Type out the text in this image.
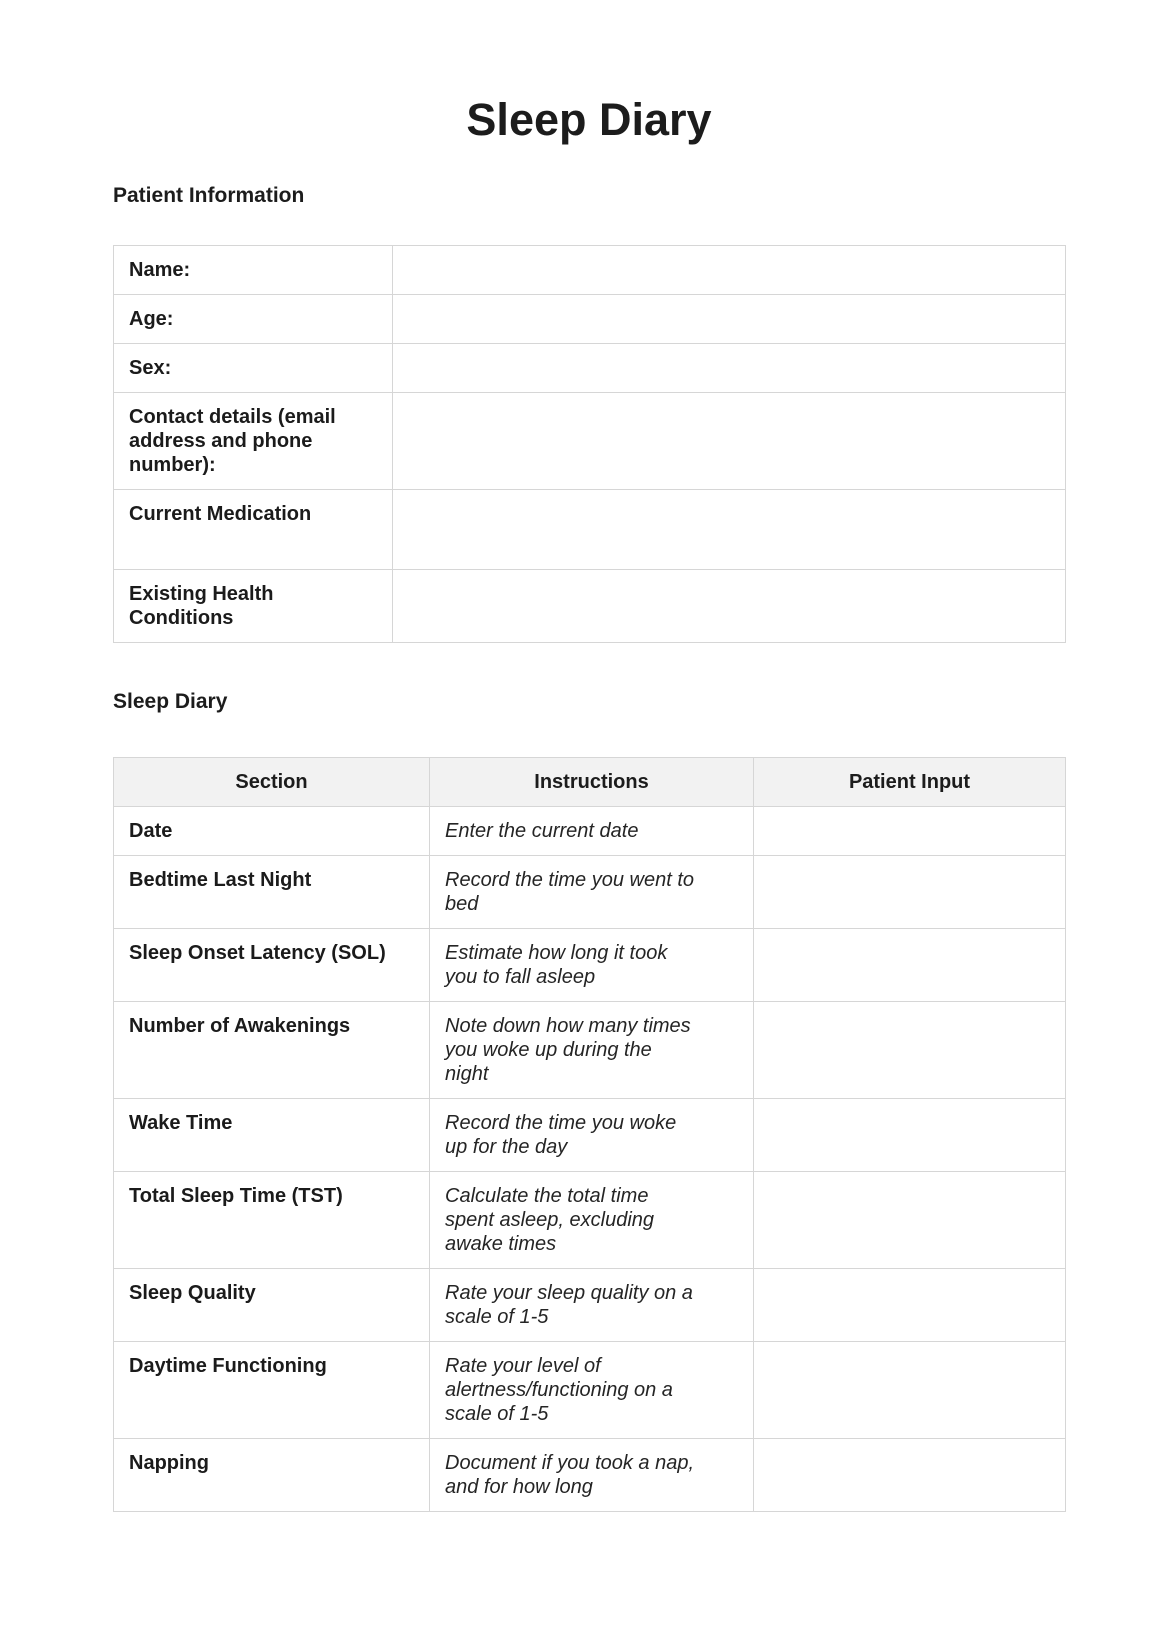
Sleep Diary
Patient Information
Name:	

Age:	

Sex:	

Contact details (email address and phone number):	

Current Medication	

Existing Health Conditions	

Sleep Diary
Section	Instructions	Patient Input

Date	Enter the current date	

Bedtime Last Night	Record the time you went to bed	

Sleep Onset Latency (SOL)	Estimate how long it took you to fall asleep	

Number of Awakenings	Note down how many times you woke up during the night	

Wake Time	Record the time you woke up for the day	

Total Sleep Time (TST)	Calculate the total time spent asleep, excluding awake times	

Sleep Quality	Rate your sleep quality on a scale of 1-5	

Daytime Functioning	Rate your level of alertness/functioning on a scale of 1-5	

Napping	Document if you took a nap, and for how long	
